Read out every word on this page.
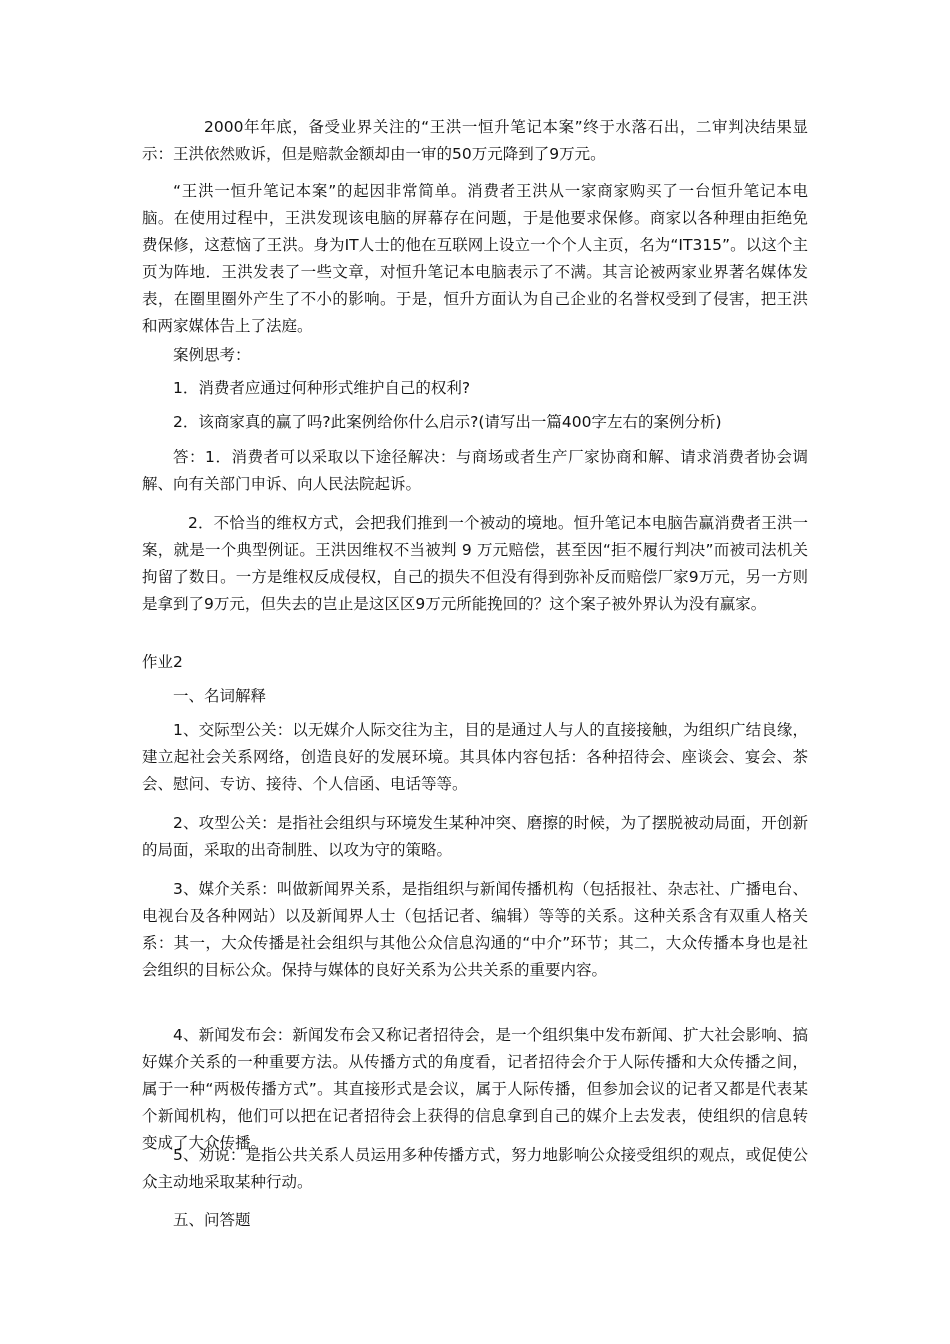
2000年年底，备受业界关注的“王洪一恒升笔记本案”终于水落石出，二审判决结果显示：王洪依然败诉，但是赔款金额却由一审的50万元降到了9万元。

“王洪一恒升笔记本案”的起因非常简单。消费者王洪从一家商家购买了一台恒升笔记本电脑。在使用过程中，王洪发现该电脑的屏幕存在问题，于是他要求保修。商家以各种理由拒绝免费保修，这惹恼了王洪。身为IT人士的他在互联网上设立一个个人主页，名为“IT315”。以这个主页为阵地．王洪发表了一些文章，对恒升笔记本电脑表示了不满。其言论被两家业界著名媒体发表，在圈里圈外产生了不小的影响。于是，恒升方面认为自己企业的名誉权受到了侵害，把王洪和两家媒体告上了法庭。

案例思考：

1．消费者应通过何种形式维护自己的权利?

2．该商家真的赢了吗?此案例给你什么启示?(请写出一篇400字左右的案例分析)

答：1．消费者可以采取以下途径解决：与商场或者生产厂家协商和解、请求消费者协会调解、向有关部门申诉、向人民法院起诉。

2．不恰当的维权方式，会把我们推到一个被动的境地。恒升笔记本电脑告赢消费者王洪一案，就是一个典型例证。王洪因维权不当被判 9 万元赔偿，甚至因“拒不履行判决”而被司法机关拘留了数日。一方是维权反成侵权，自己的损失不但没有得到弥补反而赔偿厂家9万元，另一方则是拿到了9万元，但失去的岂止是这区区9万元所能挽回的？这个案子被外界认为没有赢家。

作业2

一、名词解释

1、交际型公关：以无媒介人际交往为主，目的是通过人与人的直接接触，为组织广结良缘，建立起社会关系网络，创造良好的发展环境。其具体内容包括：各种招待会、座谈会、宴会、茶会、慰问、专访、接待、个人信函、电话等等。

2、攻型公关：是指社会组织与环境发生某种冲突、磨擦的时候，为了摆脱被动局面，开创新的局面，采取的出奇制胜、以攻为守的策略。

3、媒介关系：叫做新闻界关系，是指组织与新闻传播机构（包括报社、杂志社、广播电台、电视台及各种网站）以及新闻界人士（包括记者、编辑）等等的关系。这种关系含有双重人格关系：其一，大众传播是社会组织与其他公众信息沟通的“中介”环节；其二，大众传播本身也是社会组织的目标公众。保持与媒体的良好关系为公共关系的重要内容。

4、新闻发布会：新闻发布会又称记者招待会，是一个组织集中发布新闻、扩大社会影响、搞好媒介关系的一种重要方法。从传播方式的角度看，记者招待会介于人际传播和大众传播之间，属于一种“两极传播方式”。其直接形式是会议，属于人际传播，但参加会议的记者又都是代表某个新闻机构，他们可以把在记者招待会上获得的信息拿到自己的媒介上去发表，使组织的信息转变成了大众传播。

5、劝说：是指公共关系人员运用多种传播方式，努力地影响公众接受组织的观点，或促使公众主动地采取某种行动。

五、问答题
